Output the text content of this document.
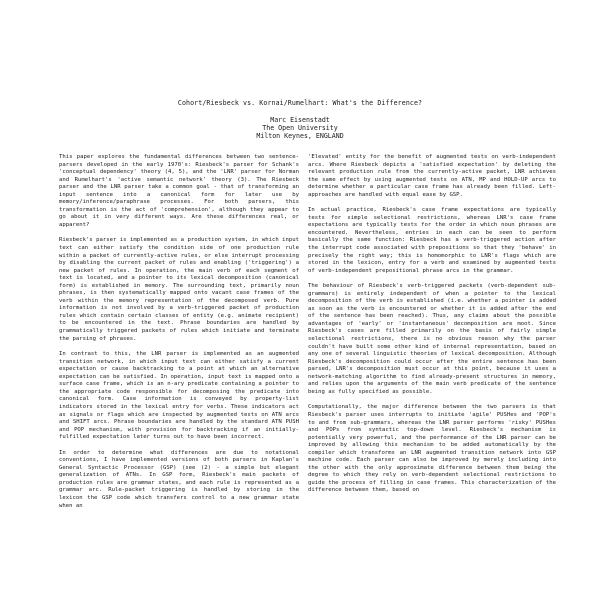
Cohort/Riesbeck vs. Kornai/Rumelhart: What's the Difference?
Marc Eisenstadt
The Open University
Milton Keynes, ENGLAND

This paper explores the fundamental differences between two sentence-parsers developed in the early 1970's: Riesbeck's parser for Schank's 'conceptual dependency' theory (4, 5), and the 'LNR' parser for Norman and Rumelhart's 'active semantic network' theory (3). The Riesbeck parser and the LNR parser take a common goal - that of transforming an input sentence into a canonical form for later use by memory/inference/paraphrase processes. For both parsers, this transformation is the act of 'comprehension', although they appear to go about it in very different ways. Are these differences real, or apparent?

Riesbeck's parser is implemented as a production system, in which input text can either satisfy the condition side of one production rule within a packet of currently-active rules, or else interrupt processing by disabling the current packet of rules and enabling ('triggering') a new packet of rules. In operation, the main verb of each segment of text is located, and a pointer to its lexical decomposition (canonical form) is established in memory. The surrounding text, primarily noun phrases, is then systematically mapped onto vacant case frames of the verb within the memory representation of the decomposed verb. Pure information is not involved by a verb-triggered packet of production rules which contain certain classes of entity (e.g. animate recipient) to be encountered in the text. Phrase boundaries are handled by grammatically triggered packets of rules which initiate and terminate the parsing of phrases.

In contrast to this, the LNR parser is implemented as an augmented transition network, in which input text can either satisfy a current expectation or cause backtracking to a point at which an alternative expectation can be satisfied. In operation, input text is mapped onto a surface case frame, which is an n-ary predicate containing a pointer to the appropriate code responsible for decomposing the predicate into canonical form. Case information is conveyed by property-list indicators stored in the lexical entry for verbs. These indicators act as signals or flags which are inspected by augmented tests on ATN arcs and SHIFT arcs. Phrase boundaries are handled by the standard ATN PUSH and POP mechanism, with provision for backtracking if an initially-fulfilled expectation later turns out to have been incorrect.

In order to determine what differences are due to notational conventions, I have implemented versions of both parsers in Kaplan's General Syntactic Processor (GSP) (see (2) - a simple but elegant generalization of ATNs. In GSP form, Riesbeck's main packets of production rules are grammar states, and each rule is represented as a grammar arc. Rule-packet triggering is handled by storing in the lexicon the GSP code which transfers control to a new grammar state when an

'Elevated' entity for the benefit of augmented tests on verb-independent arcs. Where Riesbeck depicts a 'satisfied expectation' by deleting the relevant production rule from the currently-active packet, LNR achieves the same effect by using augmented tests on ATN, MP and HOLD-UP arcs to determine whether a particular case frame has already been filled. Left-approaches are handled with equal ease by GSP.

In actual practice, Riesbeck's case frame expectations are typically tests for simple selectional restrictions, whereas LNR's case frame expectations are typically tests for the order in which noun phrases are encountered. Nevertheless, entries in each can be seen to perform basically the same function: Riesbeck has a verb-triggered action after the interrupt code associated with prepositions so that they 'behave' in precisely the right way; this is homomorphic to LNR's flags which are stored in the lexicon, entry for a verb and examined by augmented tests of verb-independent prepositional phrase arcs in the grammar.

The behaviour of Riesbeck's verb-triggered packets (verb-dependent sub-grammars) is entirely independent of when a pointer to the lexical decomposition of the verb is established (i.e. whether a pointer is added as soon as the verb is encountered or whether it is added after the end of the sentence has been reached). Thus, any claims about the possible advantages of 'early' or 'instantaneous' decomposition are moot. Since Riesbeck's cases are filled primarily on the basis of fairly simple selectional restrictions, there is no obvious reason why the parser couldn't have built some other kind of internal representation, based on any one of several linguistic theories of lexical decomposition. Although Riesbeck's decomposition could occur after the entire sentence has been parsed, LNR's decomposition must occur at this point, because it uses a network-matching algorithm to find already-present structures in memory, and relies upon the arguments of the main verb predicate of the sentence being as fully specified as possible.

Computationally, the major difference between the two parsers is that Riesbeck's parser uses interrupts to initiate 'agile' PUSHes and 'POP's to and from sub-grammars, whereas the LNR parser performs 'risky' PUSHes and POPs from syntactic top-down level. Riesbeck's mechanism is potentially very powerful, and the performance of the LNR parser can be improved by allowing this mechanism to be added automatically by the compiler which transforms an LNR augmented transition network into GSP machine code. Each parser can also be improved by merely including into the other with the only approximate difference between them being the degree to which they rely on verb-dependent selectional restrictions to guide the process of filling in case frames. This characterization of the difference between them, based on
